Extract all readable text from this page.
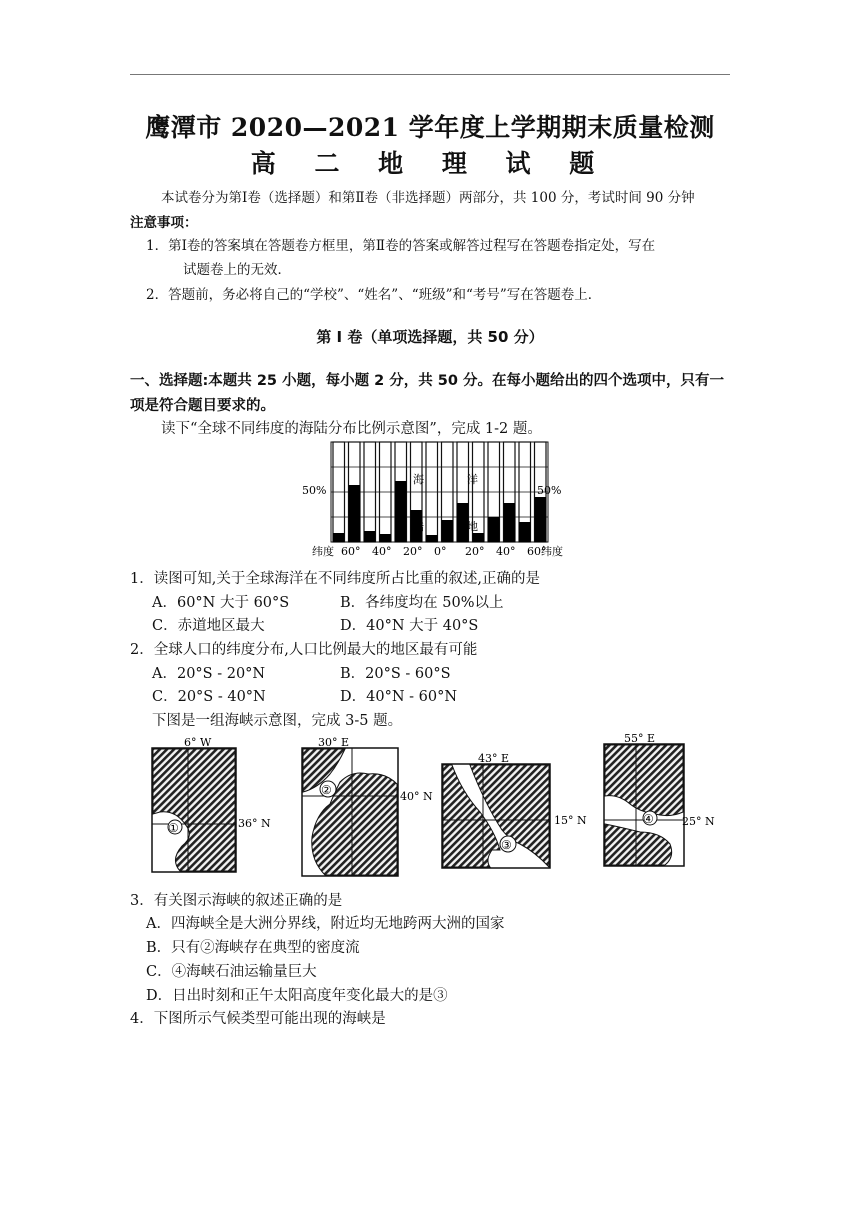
鹰潭市 2020—2021 学年度上学期期末质量检测
高 二 地 理 试 题
本试卷分为第Ⅰ卷（选择题）和第Ⅱ卷（非选择题）两部分，共 100 分，考试时间 90 分钟
注意事项：
1．第Ⅰ卷的答案填在答题卷方框里，第Ⅱ卷的答案或解答过程写在答题卷指定处，写在
试题卷上的无效．
2．答题前，务必将自己的“学校”、“姓名”、“班级”和“考号”写在答题卷上．
第 I 卷（单项选择题，共 50 分）
一、选择题:本题共 25 小题，每小题 2 分，共 50 分。在每小题给出的四个选项中，只有一
项是符合题目要求的。
读下“全球不同纬度的海陆分布比例示意图”，完成 1-2 题。
50%	50%
海	洋
陆	地
纬度 60° 40° 20° 0° 20° 40° 60°
纬度
1．读图可知,关于全球海洋在不同纬度所占比重的叙述,正确的是
A．60°N 大于 60°S	B．各纬度均在 50%以上
C．赤道地区最大	D．40°N 大于 40°S
2．全球人口的纬度分布,人口比例最大的地区最有可能
A．20°S - 20°N	B．20°S - 60°S
C．20°S - 40°N	D．40°N - 60°N
下图是一组海峡示意图，完成 3-5 题。
6° W
36° N
①
30° E
40° N
②
43° E
15° N
③
55° E
25° N
④
3．有关图示海峡的叙述正确的是
A．四海峡全是大洲分界线，附近均无地跨两大洲的国家
B．只有②海峡存在典型的密度流
C．④海峡石油运输量巨大
D．日出时刻和正午太阳高度年变化最大的是③
4．下图所示气候类型可能出现的海峡是
